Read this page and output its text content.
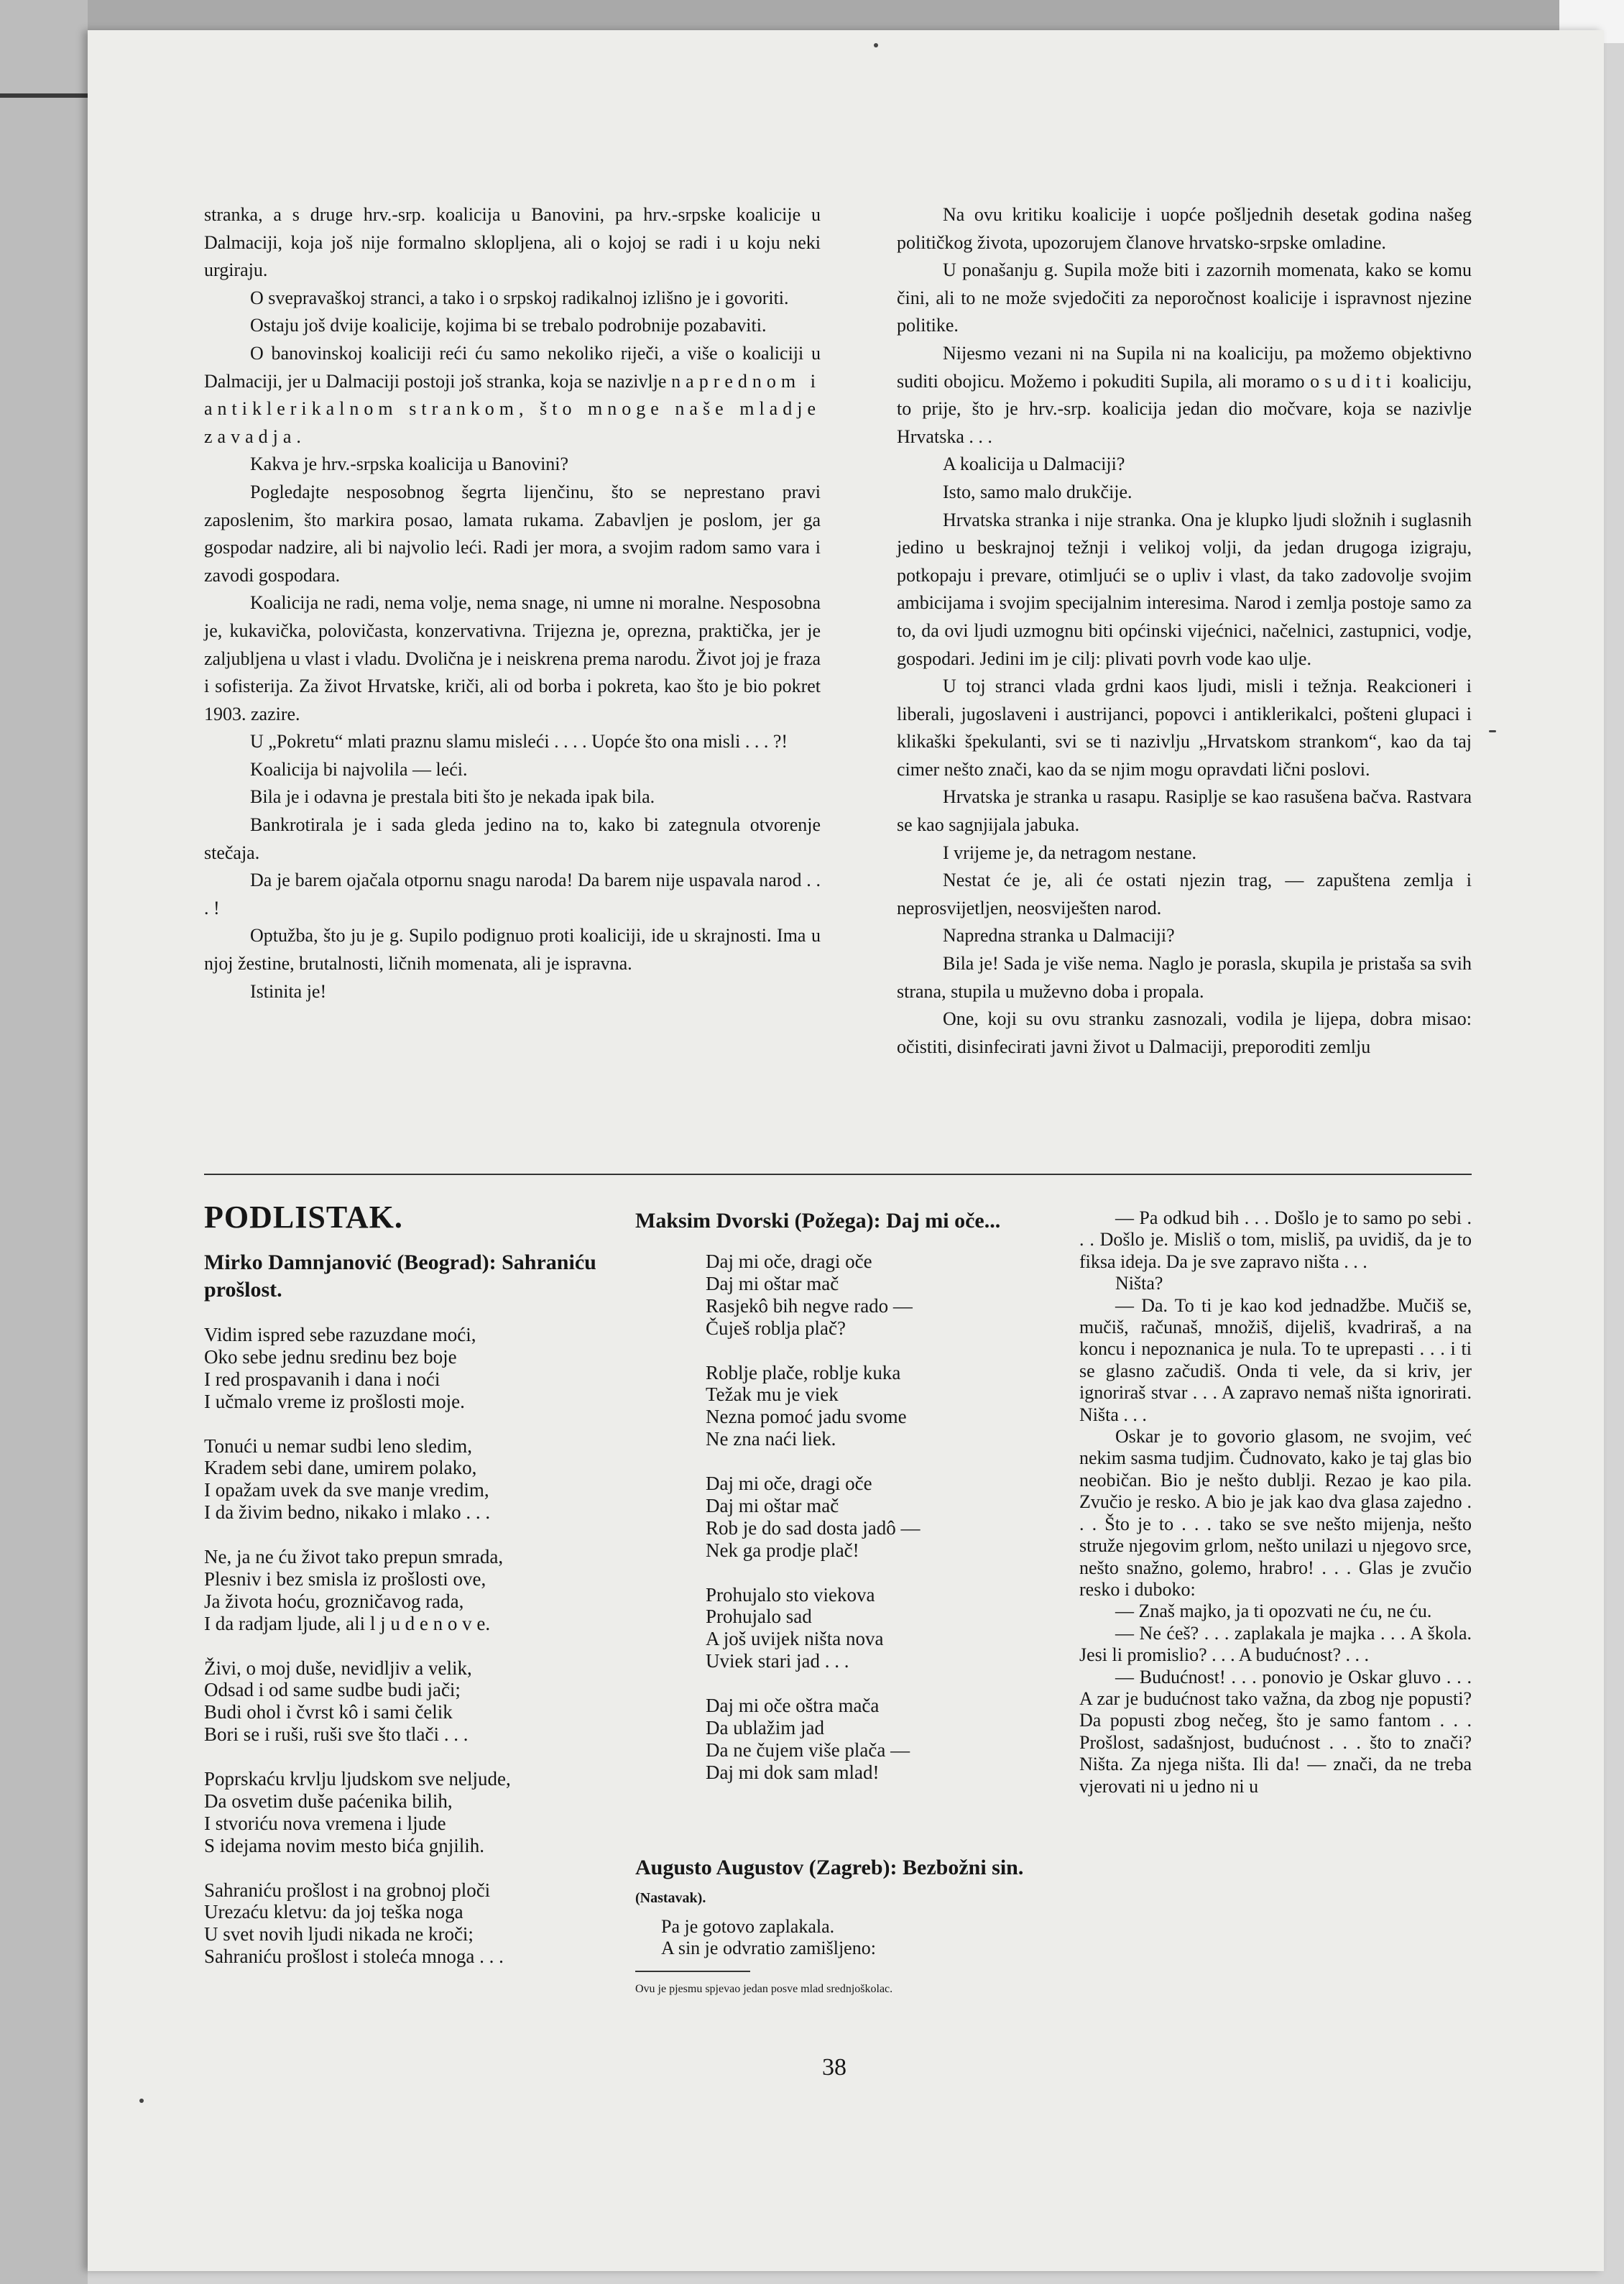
stranka, a s druge hrv.-srp. koalicija u Banovini, pa hrv.-srpske koalicije u Dalmaciji, koja još nije formalno sklopljena, ali o kojoj se radi i u koju neki urgiraju.

O svepravaškoj stranci, a tako i o srpskoj radikalnoj izlišno je i govoriti.

Ostaju još dvije koalicije, kojima bi se trebalo podrobnije pozabaviti.

O banovinskoj koaliciji reći ću samo nekoliko riječi, a više o koaliciji u Dalmaciji, jer u Dalmaciji postoji još stranka, koja se nazivlje naprednom i antiklerikalnom strankom, što mnoge naše mladje zavadja.

Kakva je hrv.-srpska koalicija u Banovini?

Pogledajte nesposobnog šegrta lijenčinu, što se neprestano pravi zaposlenim, što markira posao, lamata rukama. Zabavljen je poslom, jer ga gospodar nadzire, ali bi najvolio leći. Radi jer mora, a svojim radom samo vara i zavodi gospodara.

Koalicija ne radi, nema volje, nema snage, ni umne ni moralne. Nesposobna je, kukavička, polovičasta, konzervativna. Trijezna je, oprezna, praktička, jer je zaljubljena u vlast i vladu. Dvolična je i neiskrena prema narodu. Život joj je fraza i sofisterija. Za život Hrvatske, kriči, ali od borba i pokreta, kao što je bio pokret 1903. zazire.

U „Pokretu“ mlati praznu slamu misleći . . . . Uopće što ona misli . . . ?!

Koalicija bi najvolila — leći.

Bila je i odavna je prestala biti što je nekada ipak bila.

Bankrotirala je i sada gleda jedino na to, kako bi zategnula otvorenje stečaja.

Da je barem ojačala otpornu snagu naroda! Da barem nije uspavala narod . . . !

Optužba, što ju je g. Supilo podignuo proti koaliciji, ide u skrajnosti. Ima u njoj žestine, brutalnosti, ličnih momenata, ali je ispravna.

Istinita je!

Na ovu kritiku koalicije i uopće pošljednih desetak godina našeg političkog života, upozorujem članove hrvatsko-srpske omladine.

U ponašanju g. Supila može biti i zazornih momenata, kako se komu čini, ali to ne može svjedočiti za neporočnost koalicije i ispravnost njezine politike.

Nijesmo vezani ni na Supila ni na koaliciju, pa možemo objektivno suditi obojicu. Možemo i pokuditi Supila, ali moramo osuditi koaliciju, to prije, što je hrv.-srp. koalicija jedan dio močvare, koja se nazivlje Hrvatska . . .

A koalicija u Dalmaciji?

Isto, samo malo drukčije.

Hrvatska stranka i nije stranka. Ona je klupko ljudi složnih i suglasnih jedino u beskrajnoj težnji i velikoj volji, da jedan drugoga izigraju, potkopaju i prevare, otimljući se o upliv i vlast, da tako zadovolje svojim ambicijama i svojim specijalnim interesima. Narod i zemlja postoje samo za to, da ovi ljudi uzmognu biti općinski vijećnici, načelnici, zastupnici, vodje, gospodari. Jedini im je cilj: plivati povrh vode kao ulje.

U toj stranci vlada grdni kaos ljudi, misli i težnja. Reakcioneri i liberali, jugoslaveni i austrijanci, popovci i antiklerikalci, pošteni glupaci i klikaški špekulanti, svi se ti nazivlju „Hrvatskom strankom“, kao da taj cimer nešto znači, kao da se njim mogu opravdati lični poslovi.

Hrvatska je stranka u rasapu. Rasiplje se kao rasušena bačva. Rastvara se kao sagnjijala jabuka.

I vrijeme je, da netragom nestane.

Nestat će je, ali će ostati njezin trag, — zapuštena zemlja i neprosvijetljen, neosviješten narod.

Napredna stranka u Dalmaciji?

Bila je! Sada je više nema. Naglo je porasla, skupila je pristaša sa svih strana, stupila u muževno doba i propala.

One, koji su ovu stranku zasnozali, vodila je lijepa, dobra misao: očistiti, disinfecirati javni život u Dalmaciji, preporoditi zemlju

PODLISTAK.
Mirko Damnjanović (Beograd): Sahraniću prošlost.
Vidim ispred sebe razuzdane moći,
Oko sebe jednu sredinu bez boje
I red prospavanih i dana i noći
I učmalo vreme iz prošlosti moje.
Tonući u nemar sudbi leno sledim,
Kradem sebi dane, umirem polako,
I opažam uvek da sve manje vredim,
I da živim bedno, nikako i mlako . . .
Ne, ja ne ću život tako prepun smrada,
Plesniv i bez smisla iz prošlosti ove,
Ja života hoću, grozničavog rada,
I da radjam ljude, ali l j u d e n o v e.
Živi, o moj duše, nevidljiv a velik,
Odsad i od same sudbe budi jači;
Budi ohol i čvrst kô i sami čelik
Bori se i ruši, ruši sve što tlači . . .
Poprskaću krvlju ljudskom sve neljude,
Da osvetim duše paćenika bilih,
I stvoriću nova vremena i ljude
S idejama novim mesto bića gnjilih.
Sahraniću prošlost i na grobnoj ploči
Urezaću kletvu: da joj teška noga
U svet novih ljudi nikada ne kroči;
Sahraniću prošlost i stoleća mnoga . . .
Maksim Dvorski (Požega): Daj mi oče...
Daj mi oče, dragi oče
Daj mi oštar mač
Rasjekô bih negve rado —
Čuješ roblja plač?
Roblje plače, roblje kuka
Težak mu je viek
Nezna pomoć jadu svome
Ne zna naći liek.
Daj mi oče, dragi oče
Daj mi oštar mač
Rob je do sad dosta jadô —
Nek ga prodje plač!
Prohujalo sto viekova
Prohujalo sad
A još uvijek ništa nova
Uviek stari jad . . .
Daj mi oče oštra mača
Da ublažim jad
Da ne čujem više plača —
Daj mi dok sam mlad!
Augusto Augustov (Zagreb): Bezbožni sin.
(Nastavak).

Pa je gotovo zaplakala.

A sin je odvratio zamišljeno:

Ovu je pjesmu spjevao jedan posve mlad srednjoškolac.

— Pa odkud bih . . . Došlo je to samo po sebi . . . Došlo je. Misliš o tom, misliš, pa uvidiš, da je to fiksa ideja. Da je sve zapravo ništa . . .

Ništa?

— Da. To ti je kao kod jednadžbe. Mučiš se, mučiš, računaš, množiš, dijeliš, kvadriraš, a na koncu i nepoznanica je nula. To te uprepasti . . . i ti se glasno začudiš. Onda ti vele, da si kriv, jer ignoriraš stvar . . . A zapravo nemaš ništa ignorirati. Ništa . . .

Oskar je to govorio glasom, ne svojim, već nekim sasma tudjim. Čudnovato, kako je taj glas bio neobičan. Bio je nešto dublji. Rezao je kao pila. Zvučio je resko. A bio je jak kao dva glasa zajedno . . . Što je to . . . tako se sve nešto mijenja, nešto struže njegovim grlom, nešto unilazi u njegovo srce, nešto snažno, golemo, hrabro! . . . Glas je zvučio resko i duboko:

— Znaš majko, ja ti opozvati ne ću, ne ću.

— Ne ćeš? . . . zaplakala je majka . . . A škola. Jesi li promislio? . . . A budućnost? . . .

— Budućnost! . . . ponovio je Oskar gluvo . . . A zar je budućnost tako važna, da zbog nje popusti? Da popusti zbog nečeg, što je samo fantom . . . Prošlost, sadašnjost, budućnost . . . što to znači? Ništa. Za njega ništa. Ili da! — znači, da ne treba vjerovati ni u jedno ni u

38
